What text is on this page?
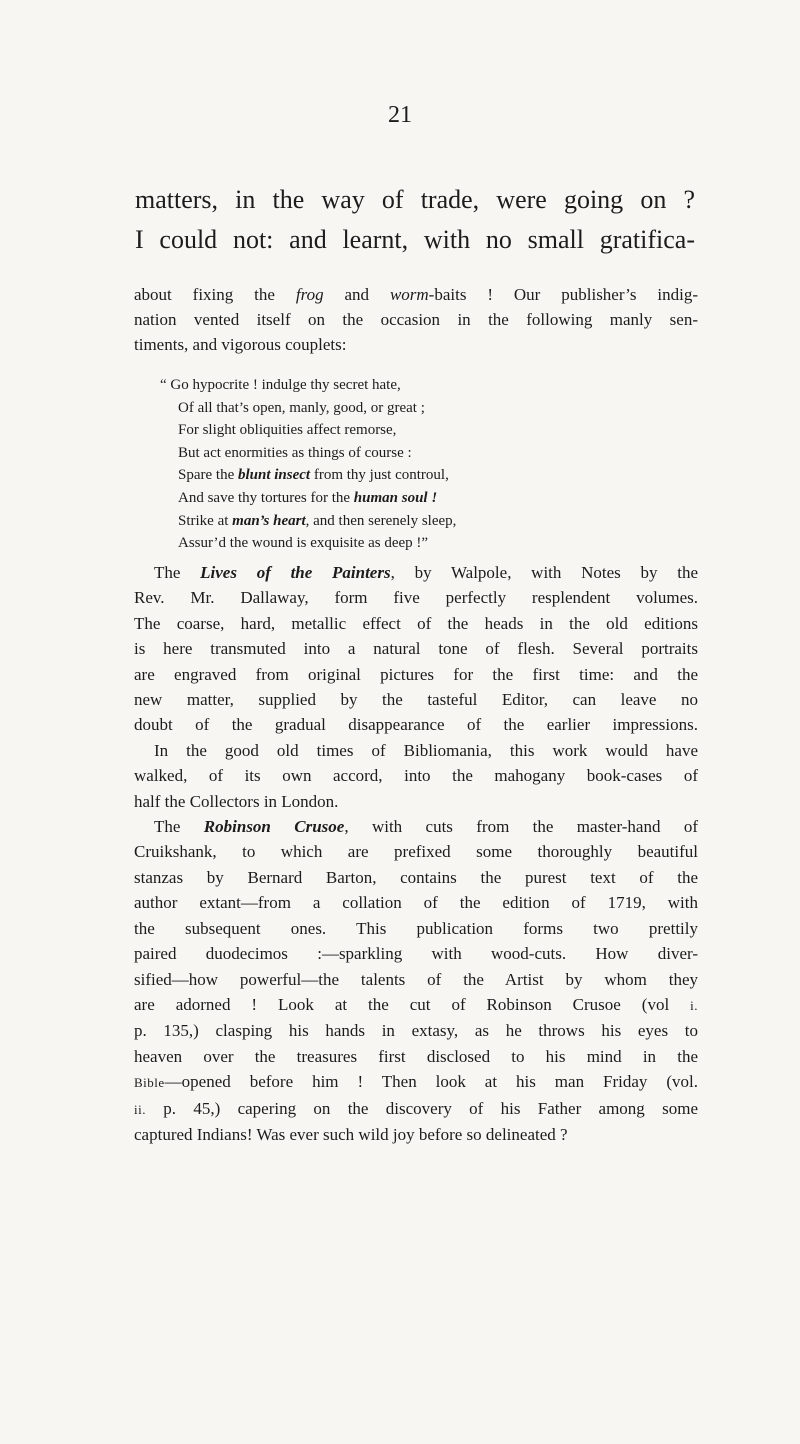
21
matters, in the way of trade, were going on ?
I could not: and learnt, with no small gratifica-
about fixing the frog and worm-baits ! Our publisher’s indig-
nation vented itself on the occasion in the following manly sen-
timents, and vigorous couplets:
“ Go hypocrite ! indulge thy secret hate,
Of all that’s open, manly, good, or great ;
For slight obliquities affect remorse,
But act enormities as things of course :
Spare the blunt insect from thy just controul,
And save thy tortures for the human soul !
Strike at man’s heart, and then serenely sleep,
Assur’d the wound is exquisite as deep !”
The Lives of the Painters, by Walpole, with Notes by the
Rev. Mr. Dallaway, form five perfectly resplendent volumes.
The coarse, hard, metallic effect of the heads in the old editions
is here transmuted into a natural tone of flesh. Several portraits
are engraved from original pictures for the first time: and the
new matter, supplied by the tasteful Editor, can leave no
doubt of the gradual disappearance of the earlier impressions.
In the good old times of Bibliomania, this work would have
walked, of its own accord, into the mahogany book-cases of
half the Collectors in London.
The Robinson Crusoe, with cuts from the master-hand of
Cruikshank, to which are prefixed some thoroughly beautiful
stanzas by Bernard Barton, contains the purest text of the
author extant—from a collation of the edition of 1719, with
the subsequent ones. This publication forms two prettily
paired duodecimos :—sparkling with wood-cuts. How diver-
sified—how powerful—the talents of the Artist by whom they
are adorned ! Look at the cut of Robinson Crusoe (vol i.
p. 135,) clasping his hands in extasy, as he throws his eyes to
heaven over the treasures first disclosed to his mind in the
Bible—opened before him ! Then look at his man Friday (vol.
ii. p. 45,) capering on the discovery of his Father among some
captured Indians! Was ever such wild joy before so delineated ?
